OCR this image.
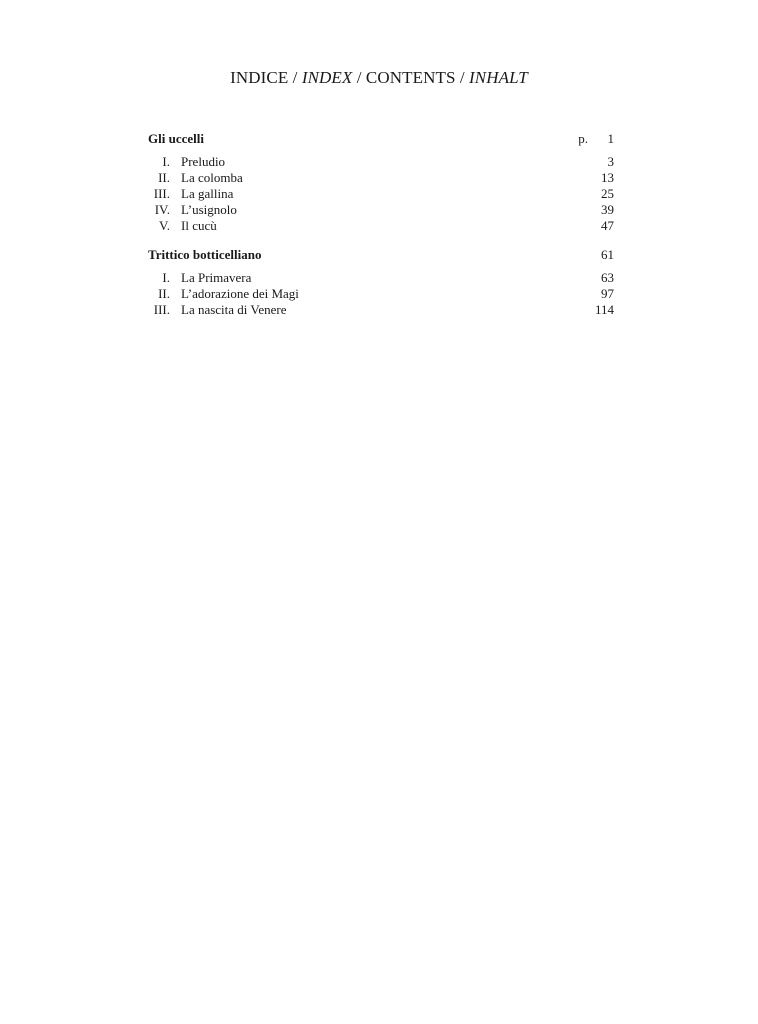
INDICE / INDEX / CONTENTS / INHALT
Gli uccelli	p. 1
I. Preludio	3
II. La colomba	13
III. La gallina	25
IV. L’usignolo	39
V. Il cucù	47
Trittico botticelliano	61
I. La Primavera	63
II. L’adorazione dei Magi	97
III. La nascita di Venere	114
